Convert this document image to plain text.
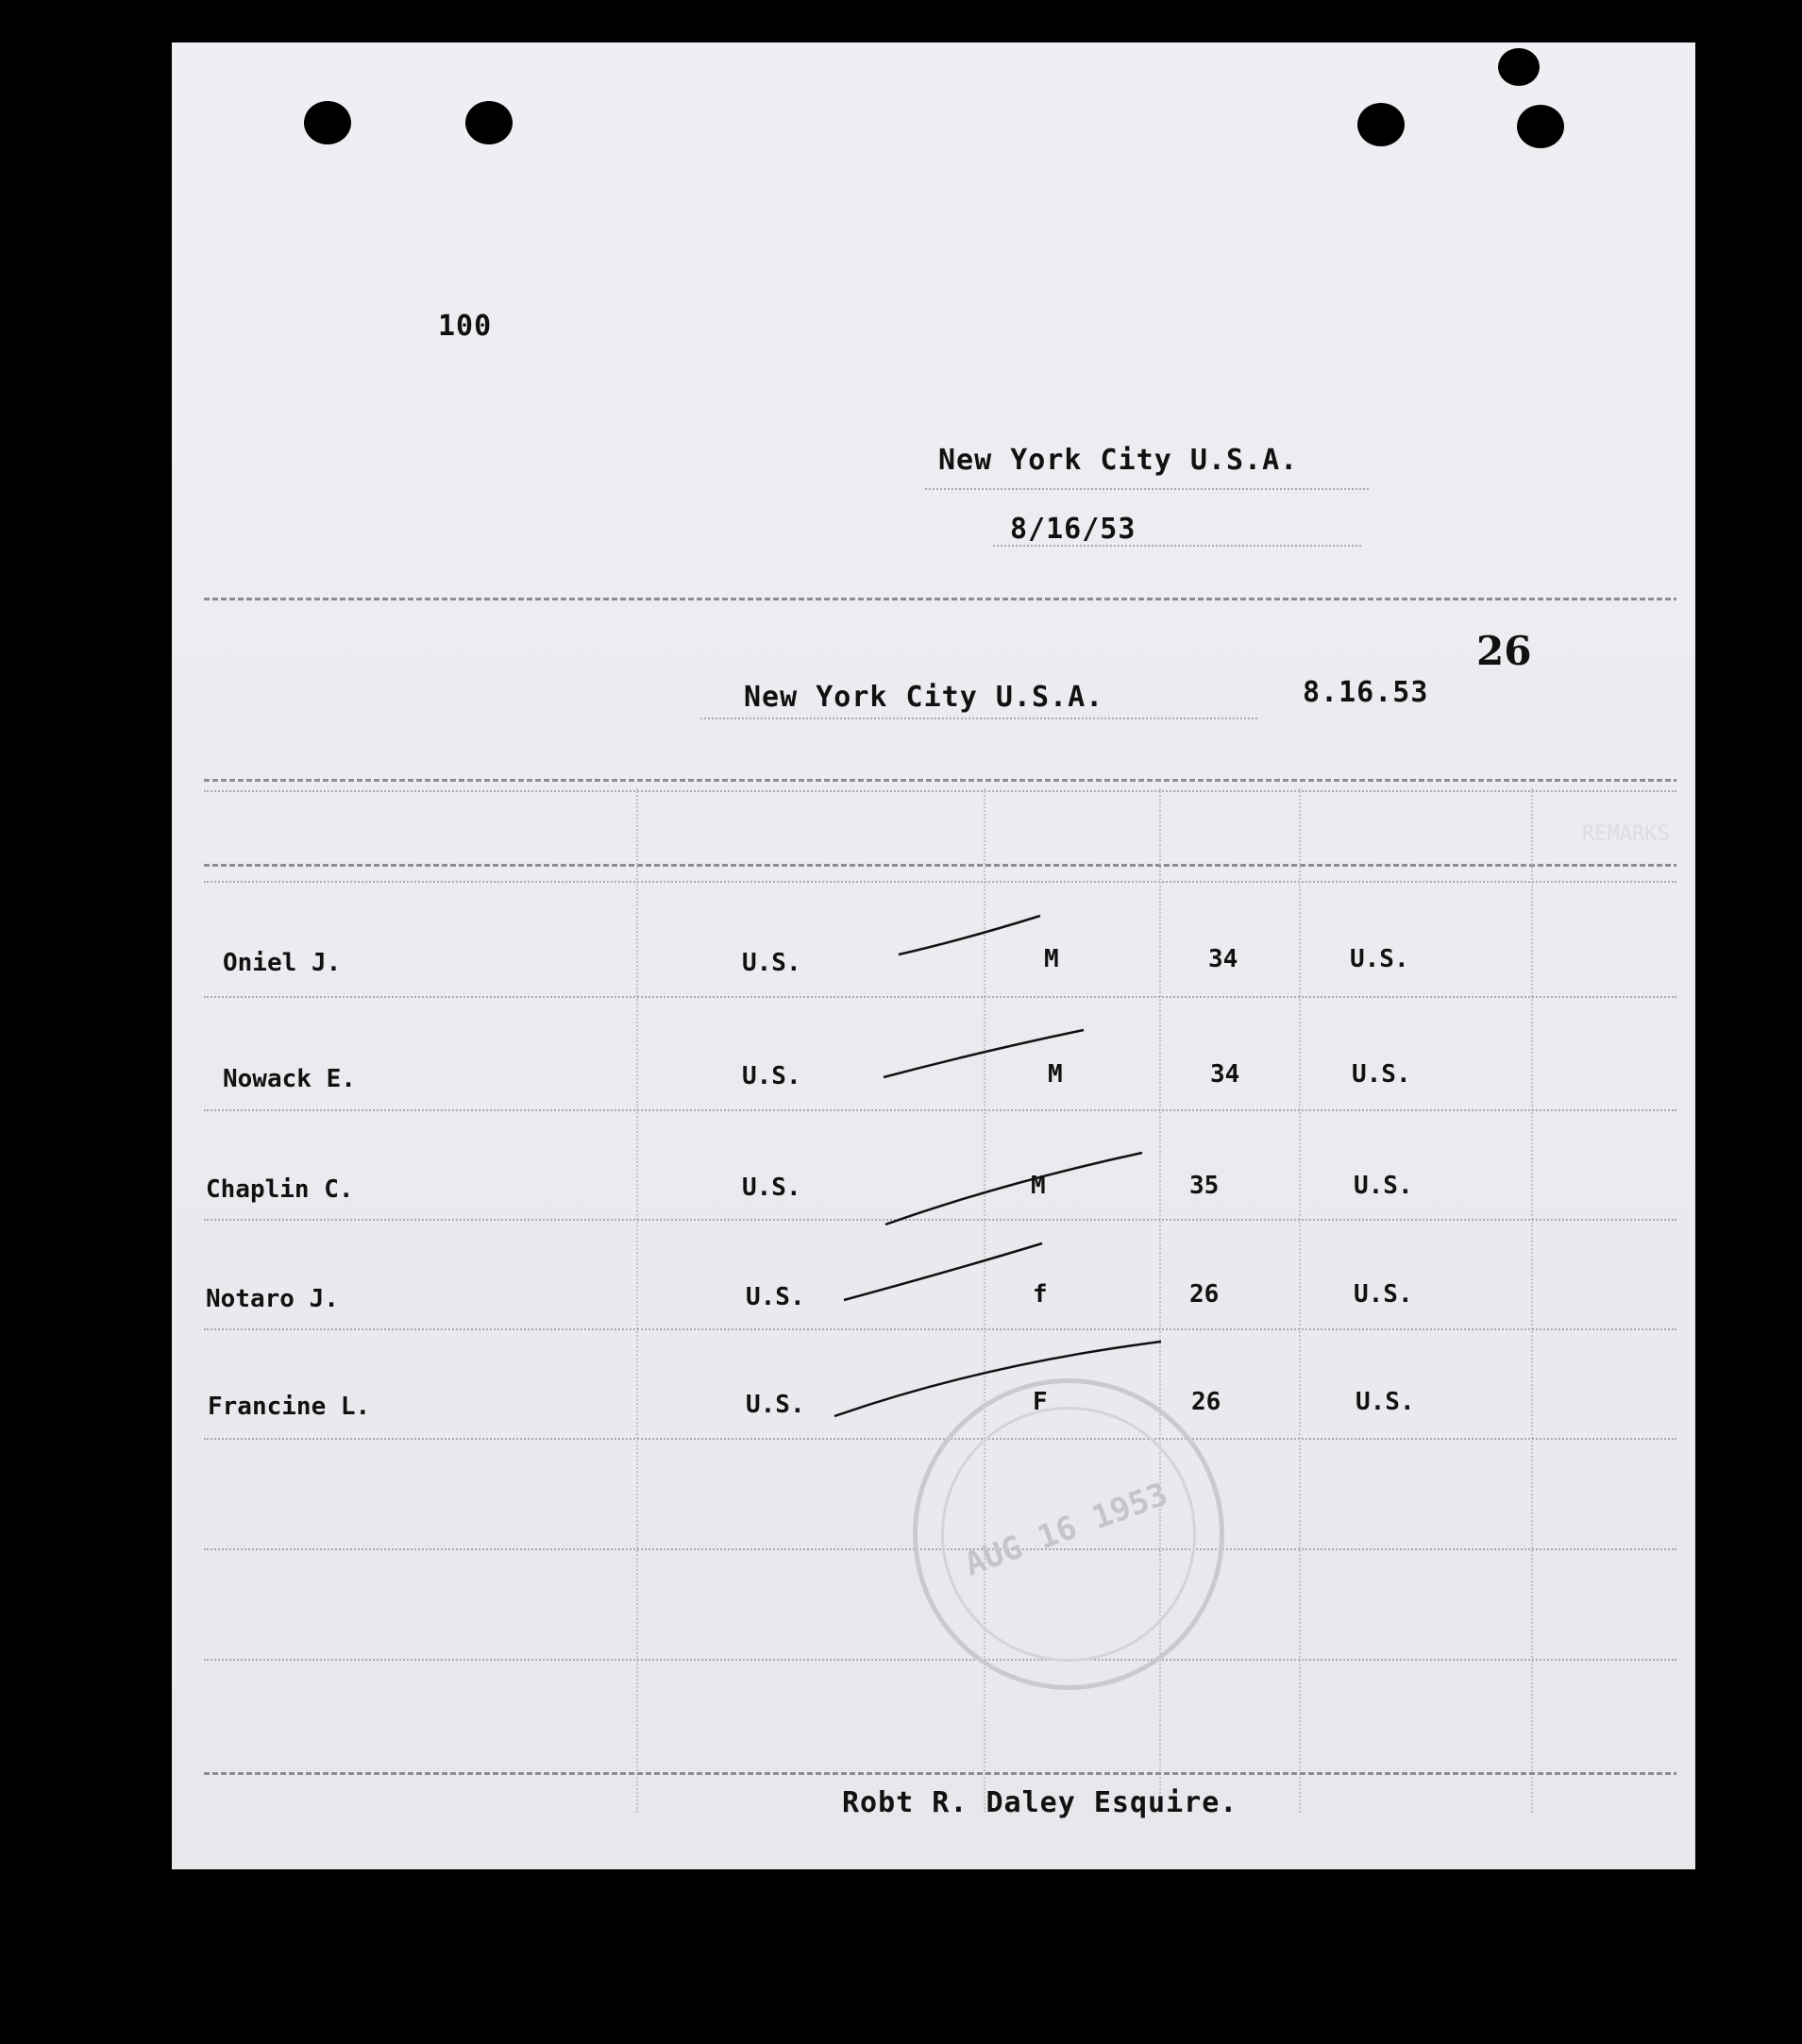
100
New York City U.S.A.
8/16/53
26
New York City U.S.A.	8.16.53
REMARKS
Oniel J.	U.S.	M	34	U.S.
Nowack E.	U.S.	M	34	U.S.
Chaplin C.	U.S.	M	35	U.S.
Notaro J.	U.S.	f	26	U.S.
Francine L.	U.S.	F	26	U.S.
AUG 16 1953
Robt R. Daley Esquire.
